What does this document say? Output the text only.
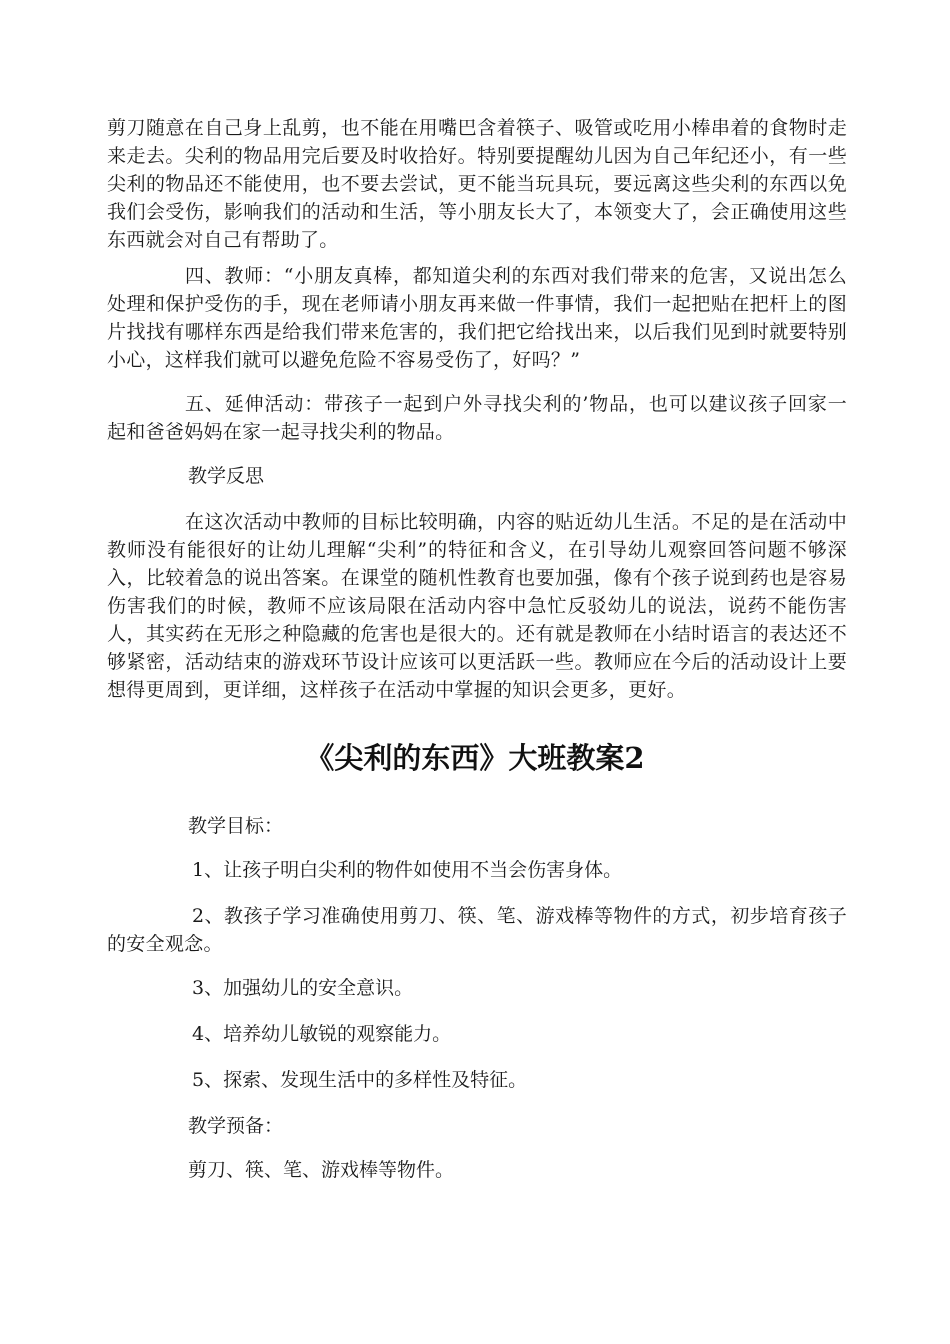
剪刀随意在自己身上乱剪，也不能在用嘴巴含着筷子、吸管或吃用小棒串着的食物时走来走去。尖利的物品用完后要及时收拾好。特别要提醒幼儿因为自己年纪还小，有一些尖利的物品还不能使用，也不要去尝试，更不能当玩具玩，要远离这些尖利的东西以免我们会受伤，影响我们的活动和生活，等小朋友长大了，本领变大了，会正确使用这些东西就会对自己有帮助了。

四、教师：“小朋友真棒，都知道尖利的东西对我们带来的危害，又说出怎么处理和保护受伤的手，现在老师请小朋友再来做一件事情，我们一起把贴在把杆上的图片找找有哪样东西是给我们带来危害的，我们把它给找出来，以后我们见到时就要特别小心，这样我们就可以避免危险不容易受伤了，好吗？”

五、延伸活动：带孩子一起到户外寻找尖利的’物品，也可以建议孩子回家一起和爸爸妈妈在家一起寻找尖利的物品。

教学反思

在这次活动中教师的目标比较明确，内容的贴近幼儿生活。不足的是在活动中教师没有能很好的让幼儿理解“尖利”的特征和含义，在引导幼儿观察回答问题不够深入，比较着急的说出答案。在课堂的随机性教育也要加强，像有个孩子说到药也是容易伤害我们的时候，教师不应该局限在活动内容中急忙反驳幼儿的说法，说药不能伤害人，其实药在无形之种隐藏的危害也是很大的。还有就是教师在小结时语言的表达还不够紧密，活动结束的游戏环节设计应该可以更活跃一些。教师应在今后的活动设计上要想得更周到，更详细，这样孩子在活动中掌握的知识会更多，更好。

《尖利的东西》大班教案2

教学目标：

1、让孩子明白尖利的物件如使用不当会伤害身体。

2、教孩子学习准确使用剪刀、筷、笔、游戏棒等物件的方式，初步培育孩子的安全观念。

3、加强幼儿的安全意识。

4、培养幼儿敏锐的观察能力。

5、探索、发现生活中的多样性及特征。

教学预备：

剪刀、筷、笔、游戏棒等物件。
